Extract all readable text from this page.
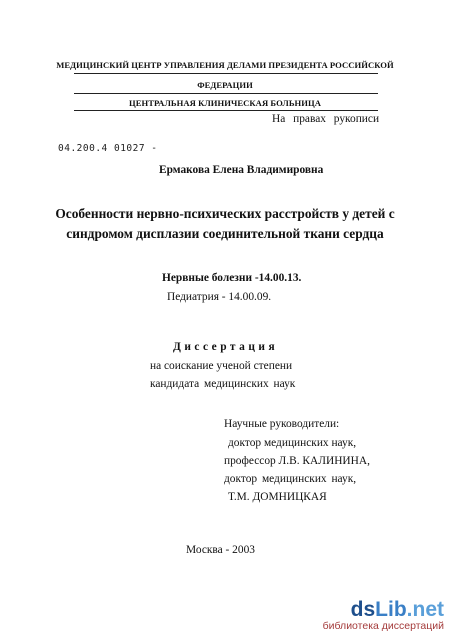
МЕДИЦИНСКИЙ ЦЕНТР УПРАВЛЕНИЯ ДЕЛАМИ ПРЕЗИДЕНТА РОССИЙСКОЙ
ФЕДЕРАЦИИ
ЦЕНТРАЛЬНАЯ КЛИНИЧЕСКАЯ БОЛЬНИЦА
На правах рукописи
04.200.4 01027 -
Ермакова Елена Владимировна
Особенности нервно-психических расстройств у детей с
синдромом дисплазии соединительной ткани сердца
Нервные болезни -14.00.13.
Педиатрия - 14.00.09.
Диссертация
на соискание ученой степени
кандидата медицинских наук
Научные руководители:
доктор медицинских наук,
профессор Л.В. КАЛИНИНА,
доктор медицинских наук,
Т.М. ДОМНИЦКАЯ
Москва - 2003
dsLib.net
библиотека диссертаций
